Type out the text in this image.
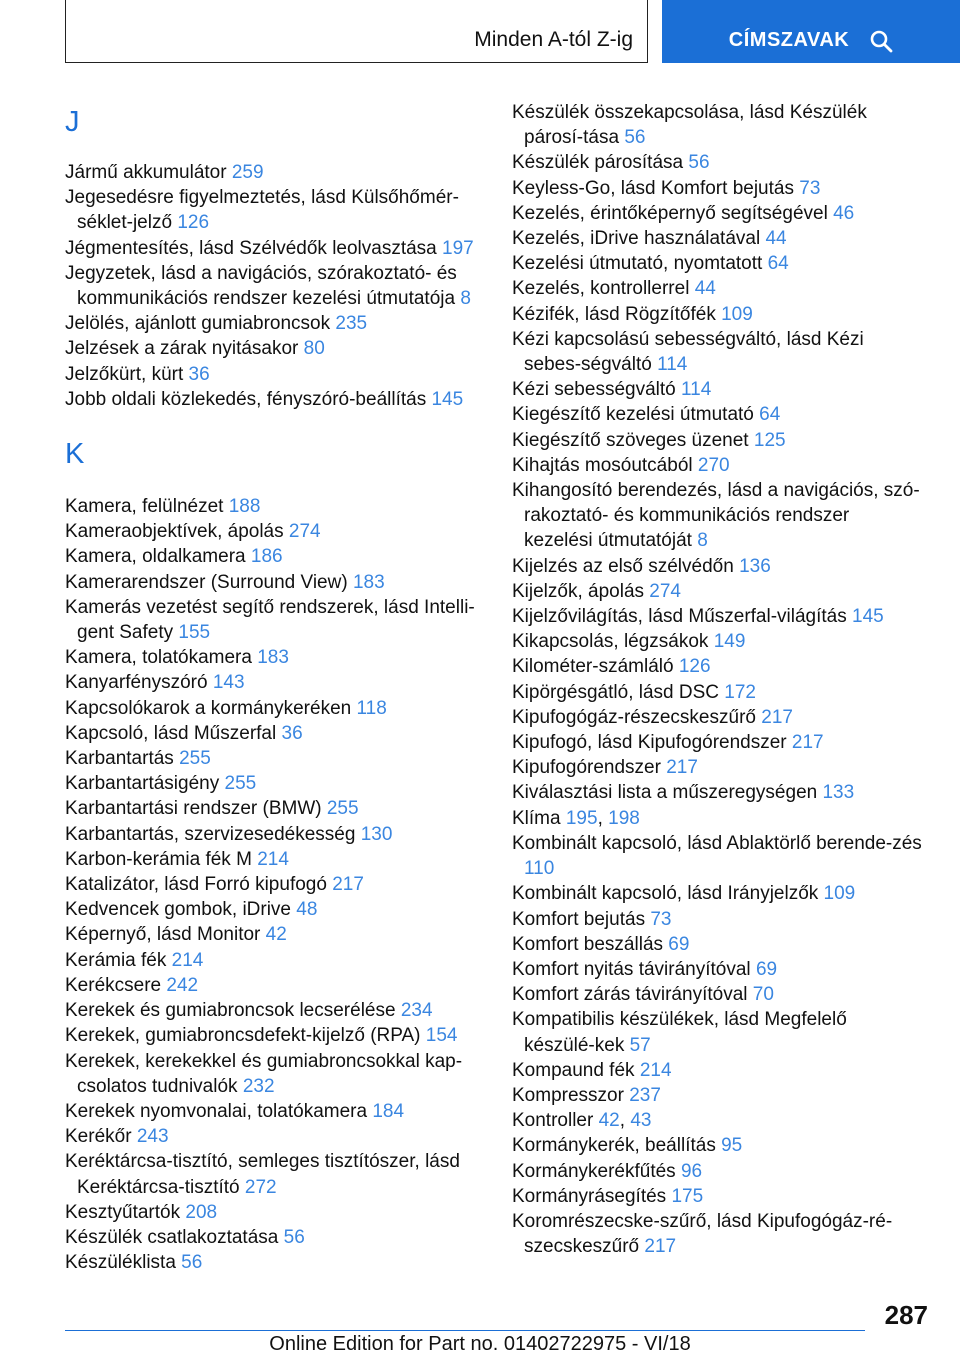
Minden A-tól Z-ig	CÍMSZAVAK
J
Jármű akkumulátor 259
Jegesedésre figyelmeztetés, lásd Külsőhőmér-séklet-jelző 126
Jégmentesítés, lásd Szélvédők leolvasztása 197
Jegyzetek, lásd a navigációs, szórakoztató- és kommunikációs rendszer kezelési útmutatója 8
Jelölés, ajánlott gumiabroncsok 235
Jelzések a zárak nyitásakor 80
Jelzőkürt, kürt 36
Jobb oldali közlekedés, fényszóró-beállítás 145
K
Kamera, felülnézet 188
Kameraobjektívek, ápolás 274
Kamera, oldalkamera 186
Kamerarendszer (Surround View) 183
Kamerás vezetést segítő rendszerek, lásd Intelli-gent Safety 155
Kamera, tolatókamera 183
Kanyarfényszóró 143
Kapcsolókarok a kormánykeréken 118
Kapcsoló, lásd Műszerfal 36
Karbantartás 255
Karbantartásigény 255
Karbantartási rendszer (BMW) 255
Karbantartás, szervizesedékesség 130
Karbon-kerámia fék M 214
Katalizátor, lásd Forró kipufogó 217
Kedvencek gombok, iDrive 48
Képernyő, lásd Monitor 42
Kerámia fék 214
Kerékcsere 242
Kerekek és gumiabroncsok lecserélése 234
Kerekek, gumiabroncsdefekt-kijelző (RPA) 154
Kerekek, kerekekkel és gumiabroncsokkal kap-csolatos tudnivalók 232
Kerekek nyomvonalai, tolatókamera 184
Kerékőr 243
Keréktárcsa-tisztító, semleges tisztítószer, lásd Keréktárcsa-tisztító 272
Kesztyűtartók 208
Készülék csatlakoztatása 56
Készüléklista 56
Készülék összekapcsolása, lásd Készülék párosí-tása 56
Készülék párosítása 56
Keyless-Go, lásd Komfort bejutás 73
Kezelés, érintőképernyő segítségével 46
Kezelés, iDrive használatával 44
Kezelési útmutató, nyomtatott 64
Kezelés, kontrollerrel 44
Kézifék, lásd Rögzítőfék 109
Kézi kapcsolású sebességváltó, lásd Kézi sebes-ségváltó 114
Kézi sebességváltó 114
Kiegészítő kezelési útmutató 64
Kiegészítő szöveges üzenet 125
Kihajtás mosóutcából 270
Kihangosító berendezés, lásd a navigációs, szó-rakoztató- és kommunikációs rendszer kezelési útmutatóját 8
Kijelzés az első szélvédőn 136
Kijelzők, ápolás 274
Kijelzővilágítás, lásd Műszerfal-világítás 145
Kikapcsolás, légzsákok 149
Kilométer-számláló 126
Kipörgésgátló, lásd DSC 172
Kipufogógáz-részecskeszűrő 217
Kipufogó, lásd Kipufogórendszer 217
Kipufogórendszer 217
Kiválasztási lista a műszeregységen 133
Klíma 195, 198
Kombinált kapcsoló, lásd Ablaktörlő berende-zés 110
Kombinált kapcsoló, lásd Irányjelzők 109
Komfort bejutás 73
Komfort beszállás 69
Komfort nyitás távirányítóval 69
Komfort zárás távirányítóval 70
Kompatibilis készülékek, lásd Megfelelő készülé-kek 57
Kompaund fék 214
Kompresszor 237
Kontroller 42, 43
Kormánykerék, beállítás 95
Kormánykerékfűtés 96
Kormányrásegítés 175
Koromrészecske-szűrő, lásd Kipufogógáz-ré-szecskeszűrő 217
287
Online Edition for Part no. 01402722975 - VI/18
